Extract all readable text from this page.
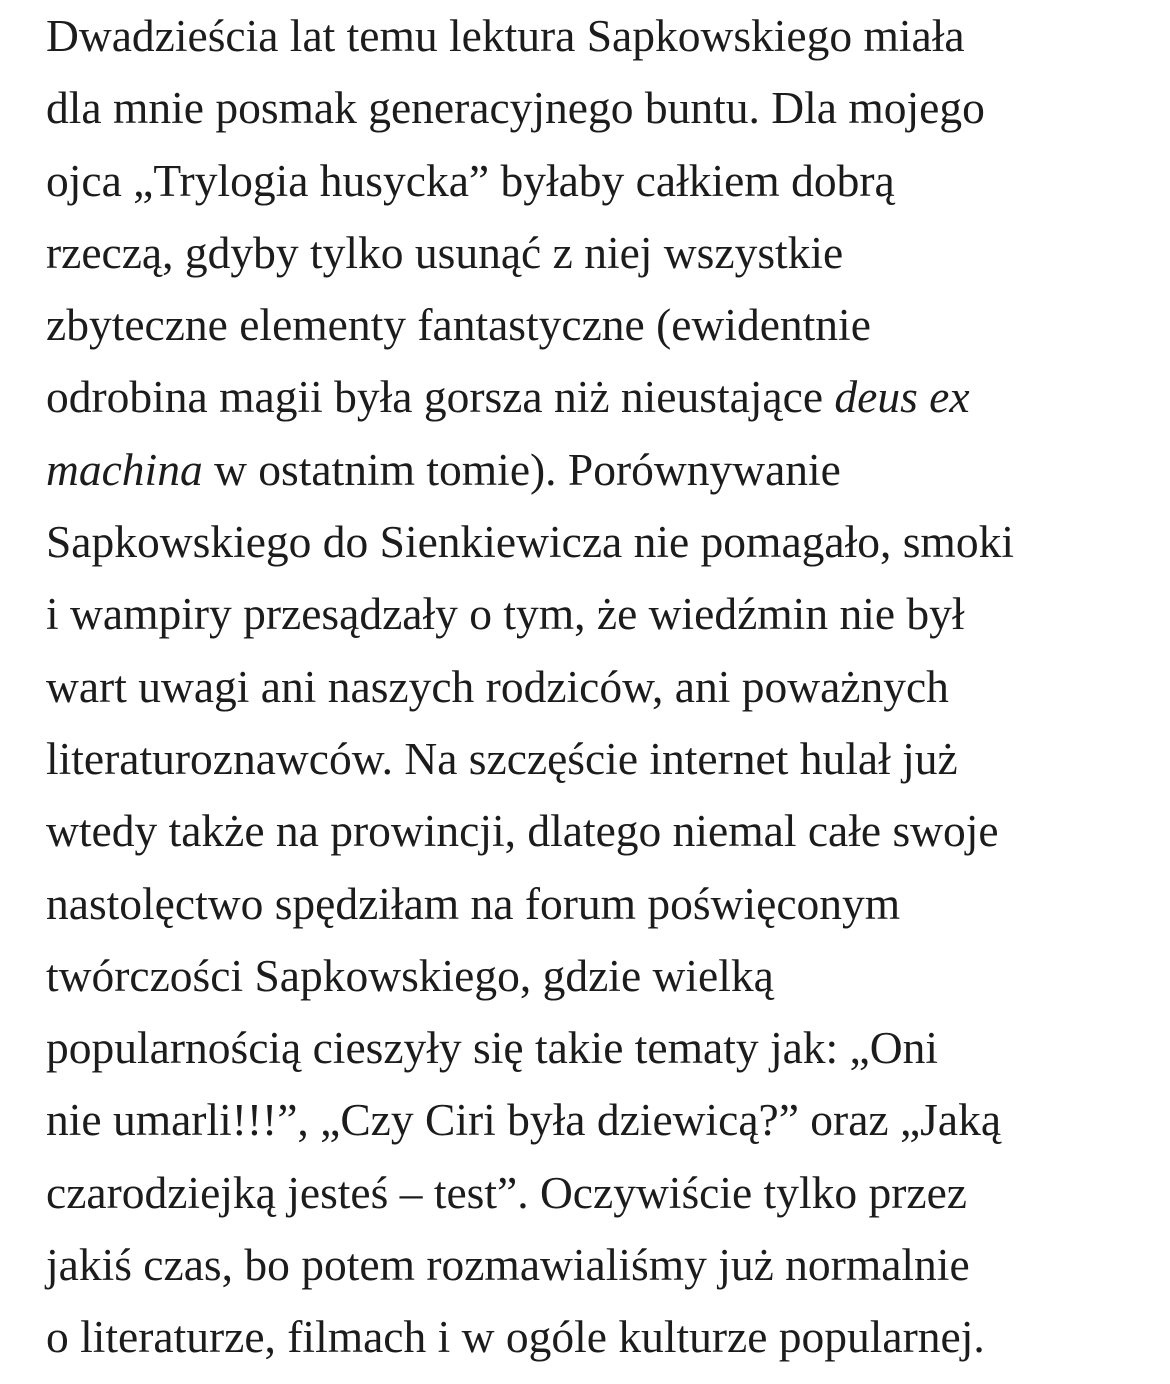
Dwadzieścia lat temu lektura Sapkowskiego miała
dla mnie posmak generacyjnego buntu. Dla mojego
ojca „Trylogia husycka” byłaby całkiem dobrą
rzeczą, gdyby tylko usunąć z niej wszystkie
zbyteczne elementy fantastyczne (ewidentnie
odrobina magii była gorsza niż nieustające deus ex
machina w ostatnim tomie). Porównywanie
Sapkowskiego do Sienkiewicza nie pomagało, smoki
i wampiry przesądzały o tym, że wiedźmin nie był
wart uwagi ani naszych rodziców, ani poważnych
literaturoznawców. Na szczęście internet hulał już
wtedy także na prowincji, dlatego niemal całe swoje
nastolęctwo spędziłam na forum poświęconym
twórczości Sapkowskiego, gdzie wielką
popularnością cieszyły się takie tematy jak: „Oni
nie umarli!!!”, „Czy Ciri była dziewicą?” oraz „Jaką
czarodziejką jesteś – test”. Oczywiście tylko przez
jakiś czas, bo potem rozmawialiśmy już normalnie
o literaturze, filmach i w ogóle kulturze popularnej.
